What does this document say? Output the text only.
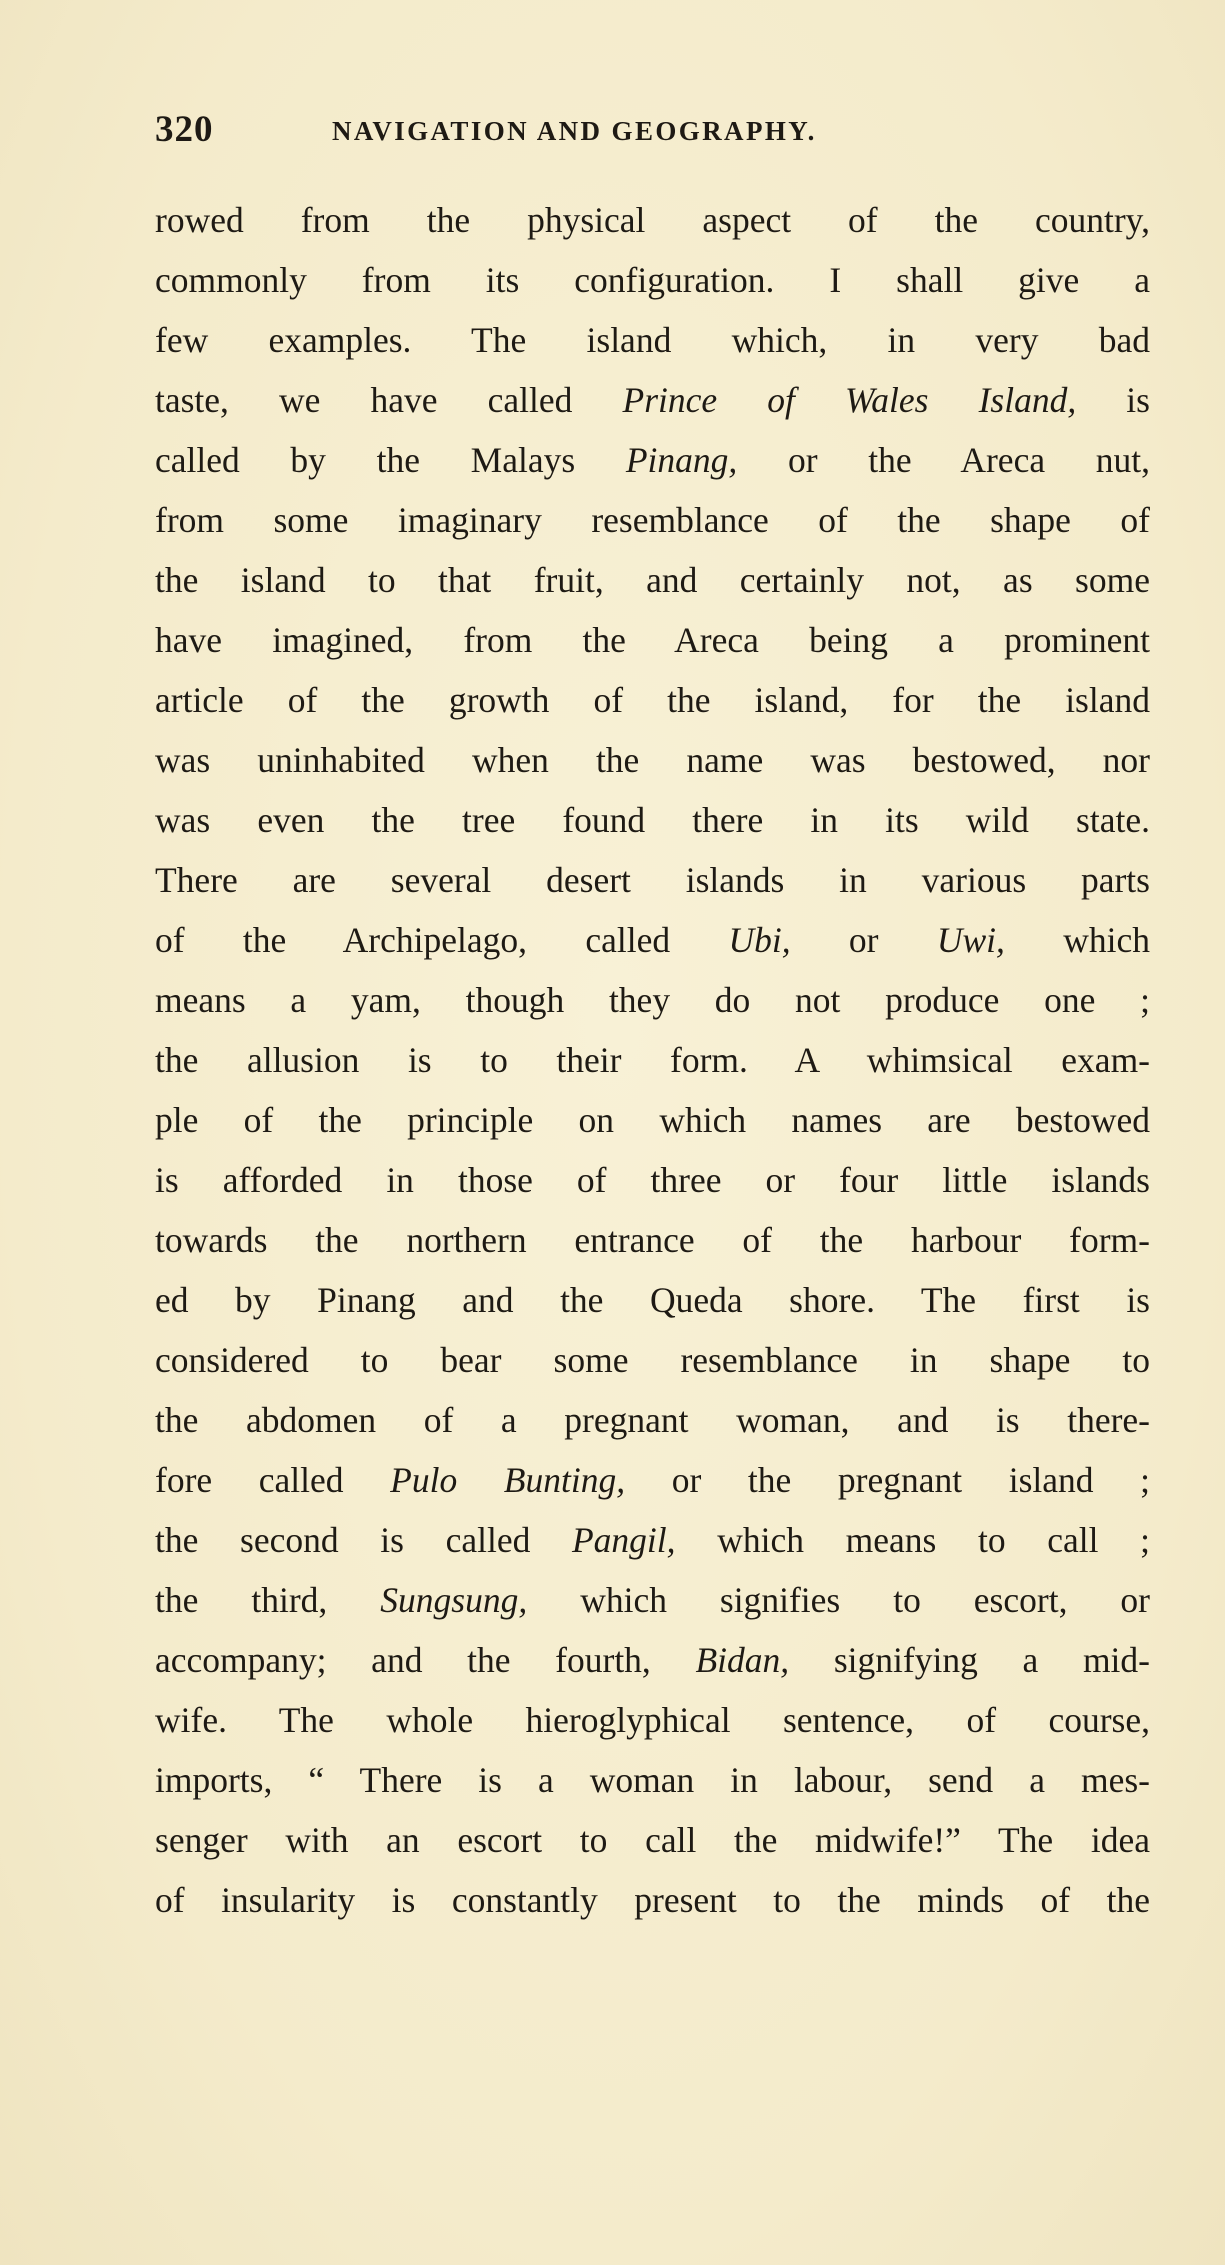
320	NAVIGATION AND GEOGRAPHY.
rowed from the physical aspect of the country,
commonly from its configuration. I shall give a
few examples. The island which, in very bad
taste, we have called Prince of Wales Island, is
called by the Malays Pinang, or the Areca nut,
from some imaginary resemblance of the shape of
the island to that fruit, and certainly not, as some
have imagined, from the Areca being a prominent
article of the growth of the island, for the island
was uninhabited when the name was bestowed, nor
was even the tree found there in its wild state.
There are several desert islands in various parts
of the Archipelago, called Ubi, or Uwi, which
means a yam, though they do not produce one ;
the allusion is to their form. A whimsical exam-
ple of the principle on which names are bestowed
is afforded in those of three or four little islands
towards the northern entrance of the harbour form-
ed by Pinang and the Queda shore. The first is
considered to bear some resemblance in shape to
the abdomen of a pregnant woman, and is there-
fore called Pulo Bunting, or the pregnant island ;
the second is called Pangil, which means to call ;
the third, Sungsung, which signifies to escort, or
accompany; and the fourth, Bidan, signifying a mid-
wife. The whole hieroglyphical sentence, of course,
imports, “ There is a woman in labour, send a mes-
senger with an escort to call the midwife!” The idea
of insularity is constantly present to the minds of the
